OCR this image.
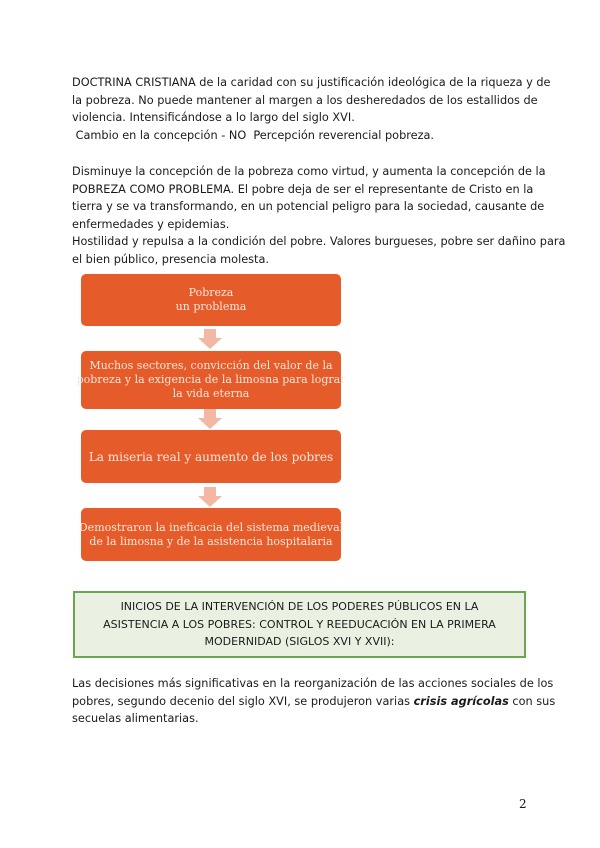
DOCTRINA CRISTIANA de la caridad con su justificación ideológica de la riqueza y de
la pobreza. No puede mantener al margen a los desheredados de los estallidos de
violencia. Intensificándose a lo largo del siglo XVI.
Cambio en la concepción - NO  Percepción reverencial pobreza.
Disminuye la concepción de la pobreza como virtud, y aumenta la concepción de la
POBREZA COMO PROBLEMA. El pobre deja de ser el representante de Cristo en la
tierra y se va transformando, en un potencial peligro para la sociedad, causante de
enfermedades y epidemias.
Hostilidad y repulsa a la condición del pobre. Valores burgueses, pobre ser dañino para
el bien público, presencia molesta.
Pobreza
un problema
Muchos sectores, convicción del valor de la
pobreza y la exigencia de la limosna para lograr
la vida eterna
La miseria real y aumento de los pobres
Demostraron la ineficacia del sistema medieval
de la limosna y de la asistencia hospitalaria
INICIOS DE LA INTERVENCIÓN DE LOS PODERES PÚBLICOS EN LA
ASISTENCIA A LOS POBRES: CONTROL Y REEDUCACIÓN EN LA PRIMERA
MODERNIDAD (SIGLOS XVI Y XVII):
Las decisiones más significativas en la reorganización de las acciones sociales de los
pobres, segundo decenio del siglo XVI, se produjeron varias crisis agrícolas con sus
secuelas alimentarias.
2
